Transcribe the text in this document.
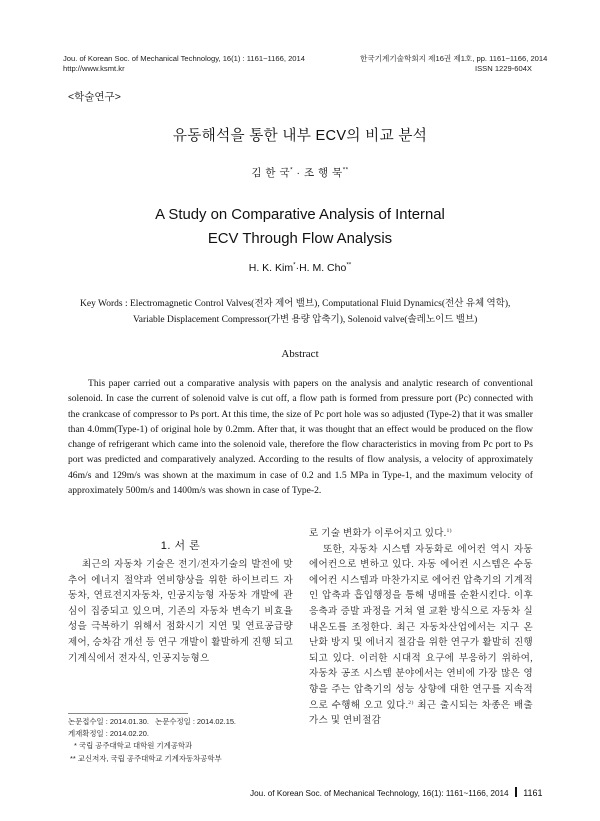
Jou. of Korean Soc. of Mechanical Technology, 16(1) : 1161~1166, 2014
http://www.ksmt.kr
한국기계기술학회지 제16권 제1호, pp. 1161~1166, 2014
ISSN 1229-604X
<학술연구>
유동해석을 통한 내부 ECV의 비교 분석
김 한 국* · 조 행 묵**
A Study on Comparative Analysis of Internal
ECV Through Flow Analysis
H. K. Kim*·H. M. Cho**
Key Words : Electromagnetic Control Valves(전자 제어 밸브), Computational Fluid Dynamics(전산 유체 역학),
Variable Displacement Compressor(가변 용량 압축기), Solenoid valve(솔레노이드 밸브)
Abstract
This paper carried out a comparative analysis with papers on the analysis and analytic research of conventional solenoid. In case the current of solenoid valve is cut off, a flow path is formed from pressure port (Pc) connected with the crankcase of compressor to Ps port. At this time, the size of Pc port hole was so adjusted (Type-2) that it was smaller than 4.0mm(Type-1) of original hole by 0.2mm. After that, it was thought that an effect would be produced on the flow change of refrigerant which came into the solenoid vale, therefore the flow characteristics in moving from Pc port to Ps port was predicted and comparatively analyzed. According to the results of flow analysis, a velocity of approximately 46m/s and 129m/s was shown at the maximum in case of 0.2 and 1.5 MPa in Type-1, and the maximum velocity of approximately 500m/s and 1400m/s was shown in case of Type-2.
1. 서 론

최근의 자동차 기술은 전기/전자기술의 발전에 맞추어 에너지 절약과 연비향상을 위한 하이브리드 자동차, 연료전지자동차, 인공지능형 자동차 개발에 관심이 집중되고 있으며, 기존의 자동차 변속기 비효율성을 극복하기 위해서 점화시기 지연 및 연료공급량 제어, 승차감 개선 등 연구 개발이 활발하게 진행 되고 기계식에서 전자식, 인공지능형으

로 기술 변화가 이루어지고 있다.$^{1)}$

또한, 자동차 시스템 자동화로 에어컨 역시 자동 에어컨으로 변하고 있다. 자동 에어컨 시스템은 수동 에어컨 시스템과 마찬가지로 에어컨 압축기의 기계적인 압축과 흡입행정을 통해 냉매를 순환시킨다. 이후 응축과 증발 과정을 거쳐 열 교환 방식으로 자동차 실내온도를 조정한다. 최근 자동차산업에서는 지구 온난화 방지 및 에너지 절감을 위한 연구가 활발히 진행되고 있다. 이러한 시대적 요구에 부응하기 위하여, 자동차 공조 시스템 분야에서는 연비에 가장 많은 영향을 주는 압축기의 성능 상향에 대한 연구를 지속적으로 수행해 오고 있다.$^{2)}$ 최근 출시되는 차종은 배출가스 및 연비절감

논문접수일 : 2014.01.30. 논문수정일 : 2014.02.15.
게재확정일 : 2014.02.20.
* 국립 공주대학교 대학원 기계공학과
** 교신저자, 국립 공주대학교 기계자동차공학부
Jou. of Korean Soc. of Mechanical Technology, 16(1): 1161~1166, 2014 1161
